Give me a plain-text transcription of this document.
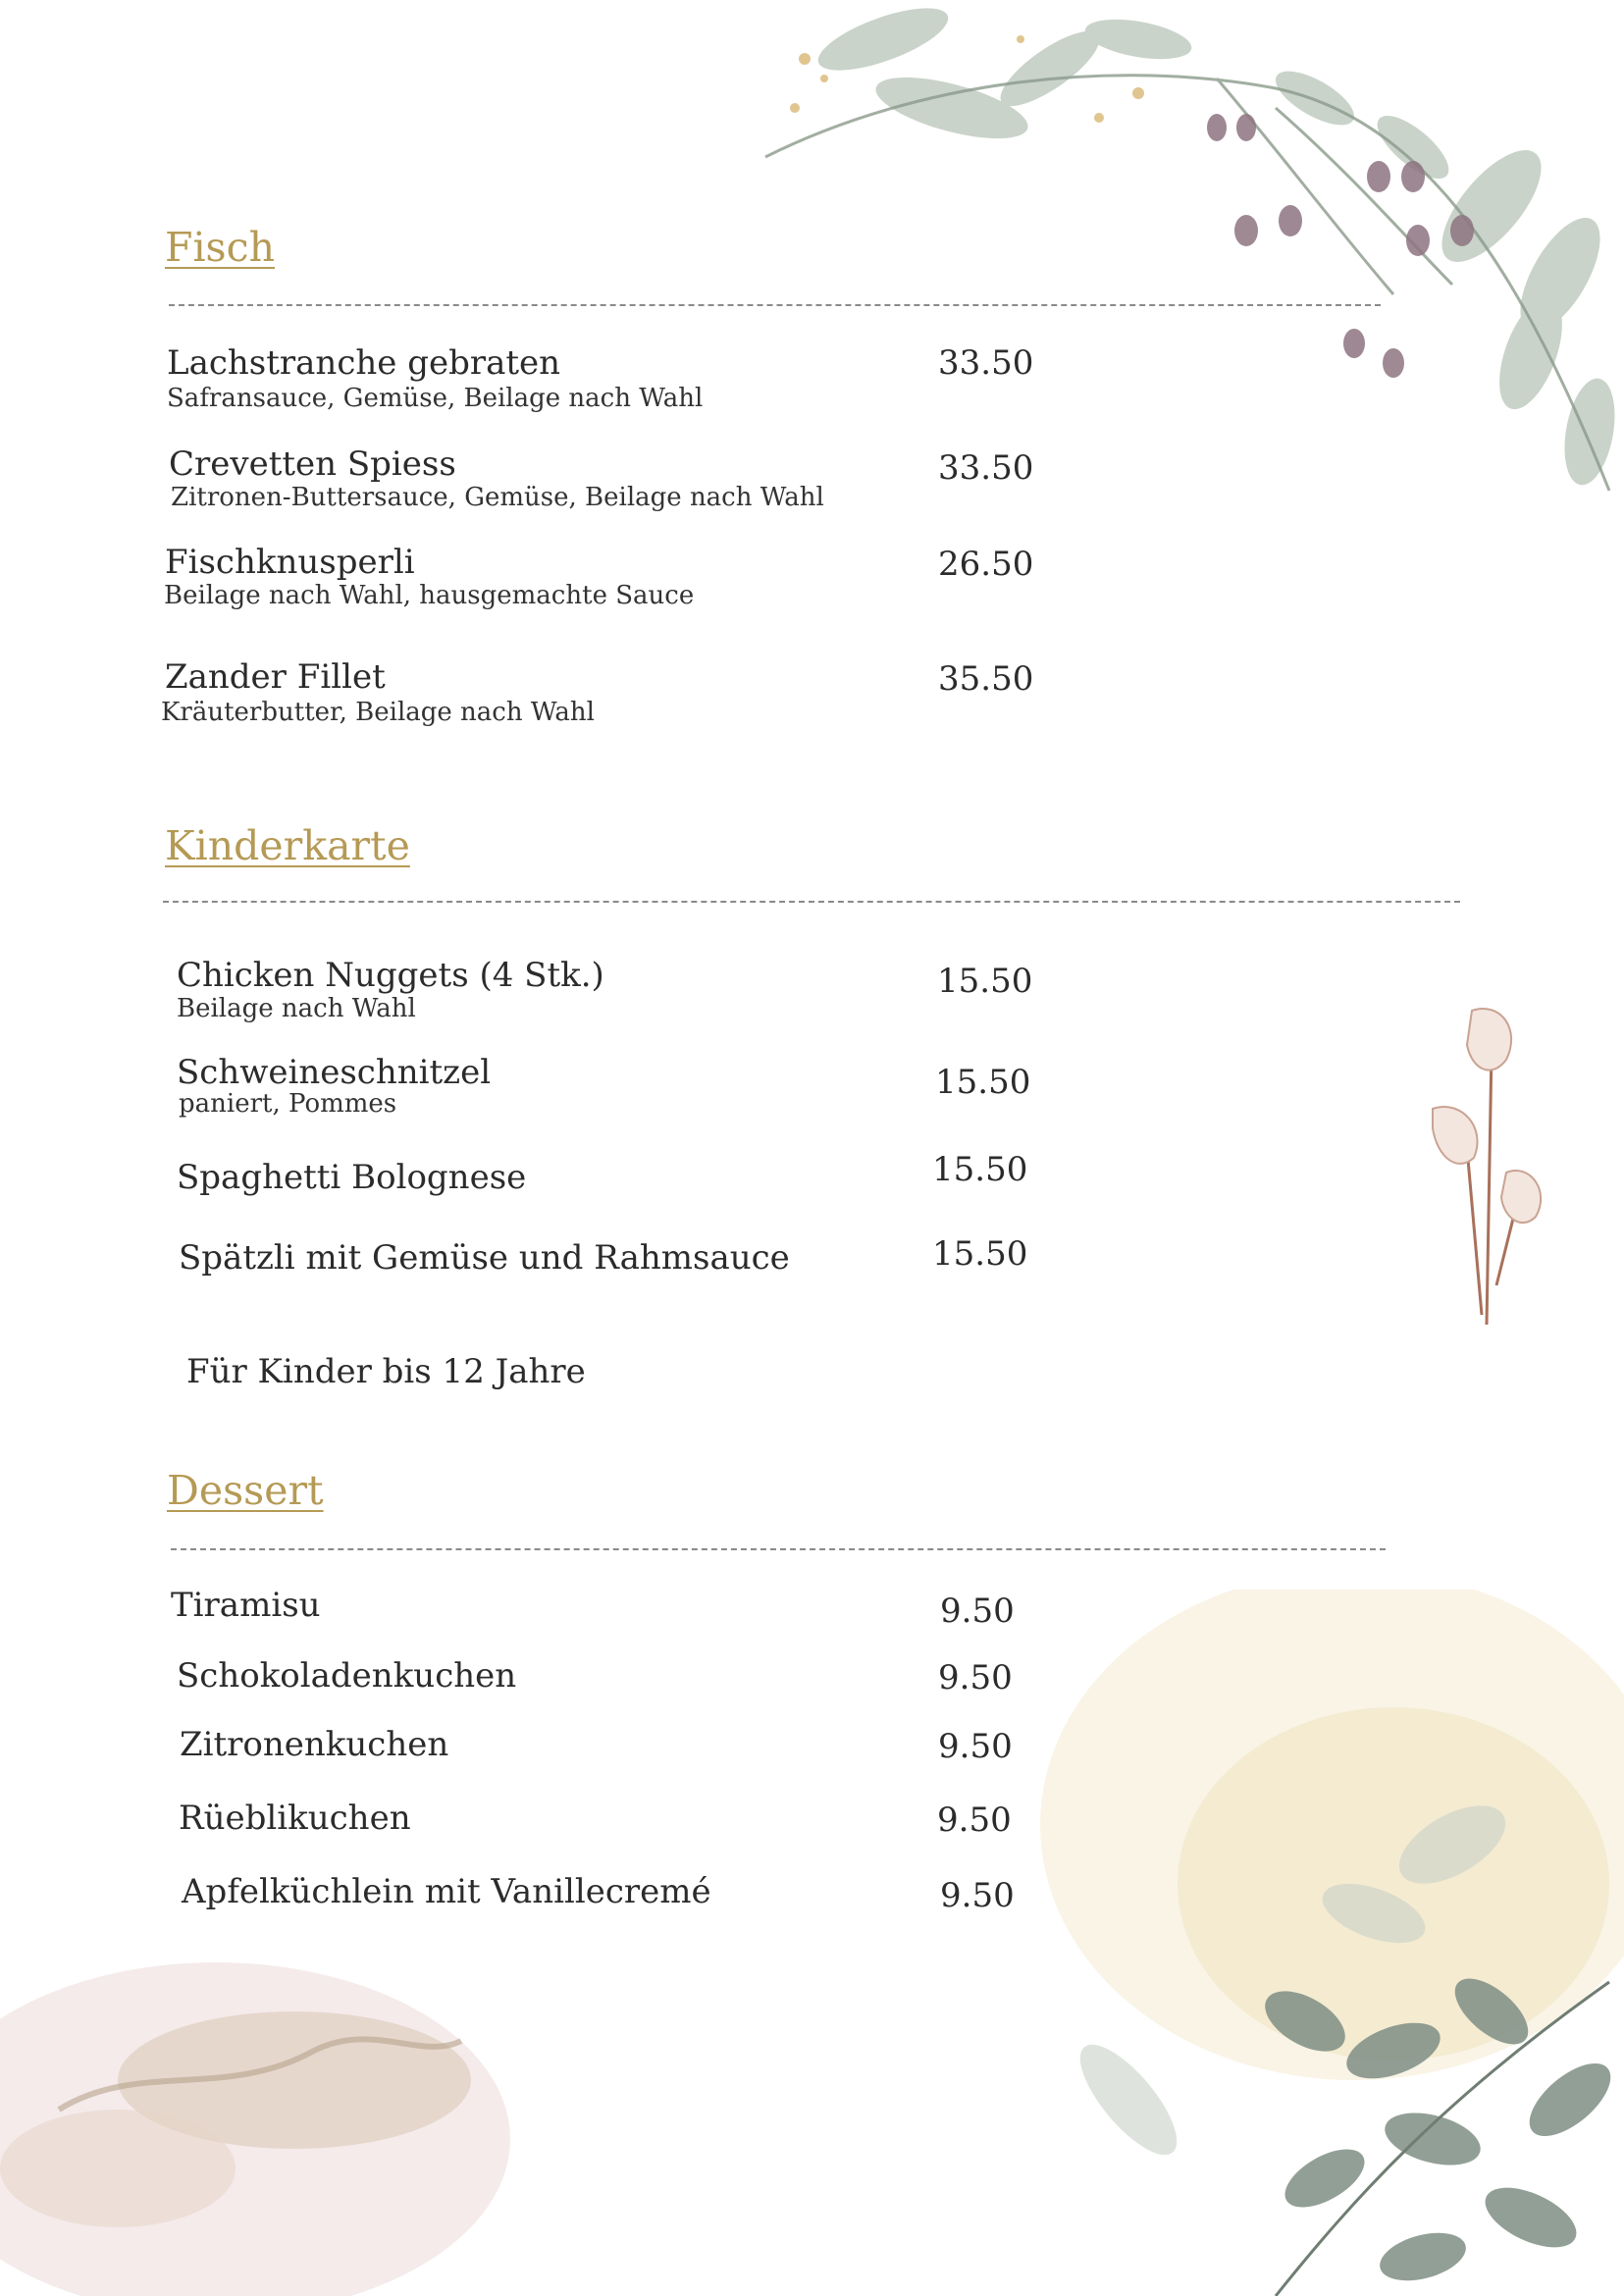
Fisch
Lachstranche gebraten
Safransauce, Gemüse, Beilage nach Wahl
33.50
Crevetten Spiess
Zitronen-Buttersauce, Gemüse, Beilage nach Wahl
33.50
Fischknusperli
Beilage nach Wahl, hausgemachte Sauce
26.50
Zander Fillet
Kräuterbutter, Beilage nach Wahl
35.50
Kinderkarte
Chicken Nuggets (4 Stk.)
Beilage nach Wahl
15.50
Schweineschnitzel
paniert, Pommes
15.50
Spaghetti Bolognese	15.50
Spätzli mit Gemüse und Rahmsauce	15.50
Für Kinder bis 12 Jahre
Dessert
Tiramisu	9.50
Schokoladenkuchen	9.50
Zitronenkuchen	9.50
Rüeblikuchen	9.50
Apfelküchlein mit Vanillecremé	9.50
